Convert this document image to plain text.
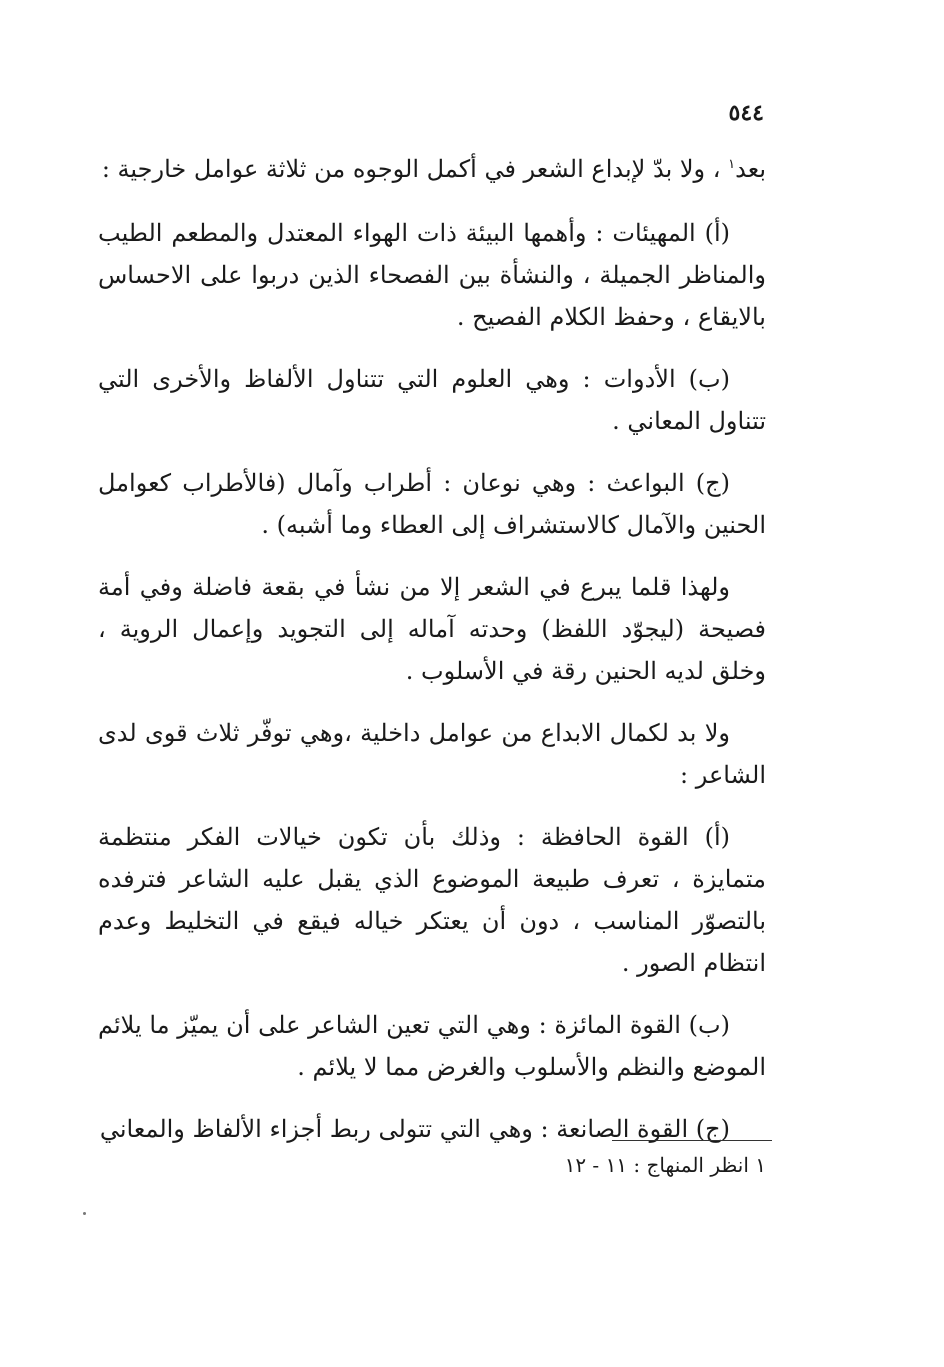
٥٤٤

بعد$^١$ ، ولا بدّ لإبداع الشعر في أكمل الوجوه من ثلاثة عوامل خارجية :

(أ) المهيئات : وأهمها البيئة ذات الهواء المعتدل والمطعم الطيب والمناظر الجميلة ، والنشأة بين الفصحاء الذين دربوا على الاحساس بالايقاع ، وحفظ الكلام الفصيح .

(ب) الأدوات : وهي العلوم التي تتناول الألفاظ والأخرى التي تتناول المعاني .

(ج) البواعث : وهي نوعان : أطراب وآمال (فالأطراب كعوامل الحنين والآمال كالاستشراف إلى العطاء وما أشبه) .

ولهذا قلما يبرع في الشعر إلا من نشأ في بقعة فاضلة وفي أمة فصيحة (ليجوّد اللفظ) وحدته آماله إلى التجويد وإعمال الروية ، وخلق لديه الحنين رقة في الأسلوب .

ولا بد لكمال الابداع من عوامل داخلية ،وهي توفّر ثلاث قوى لدى الشاعر :

(أ) القوة الحافظة : وذلك بأن تكون خيالات الفكر منتظمة متمايزة ، تعرف طبيعة الموضوع الذي يقبل عليه الشاعر فترفده بالتصوّر المناسب ، دون أن يعتكر خياله فيقع في التخليط وعدم انتظام الصور .

(ب) القوة المائزة : وهي التي تعين الشاعر على أن يميّز ما يلائم الموضع والنظم والأسلوب والغرض مما لا يلائم .

(ج) القوة الصانعة : وهي التي تتولى ربط أجزاء الألفاظ والمعاني

١ انظر المنهاج : ١١ - ١٢
